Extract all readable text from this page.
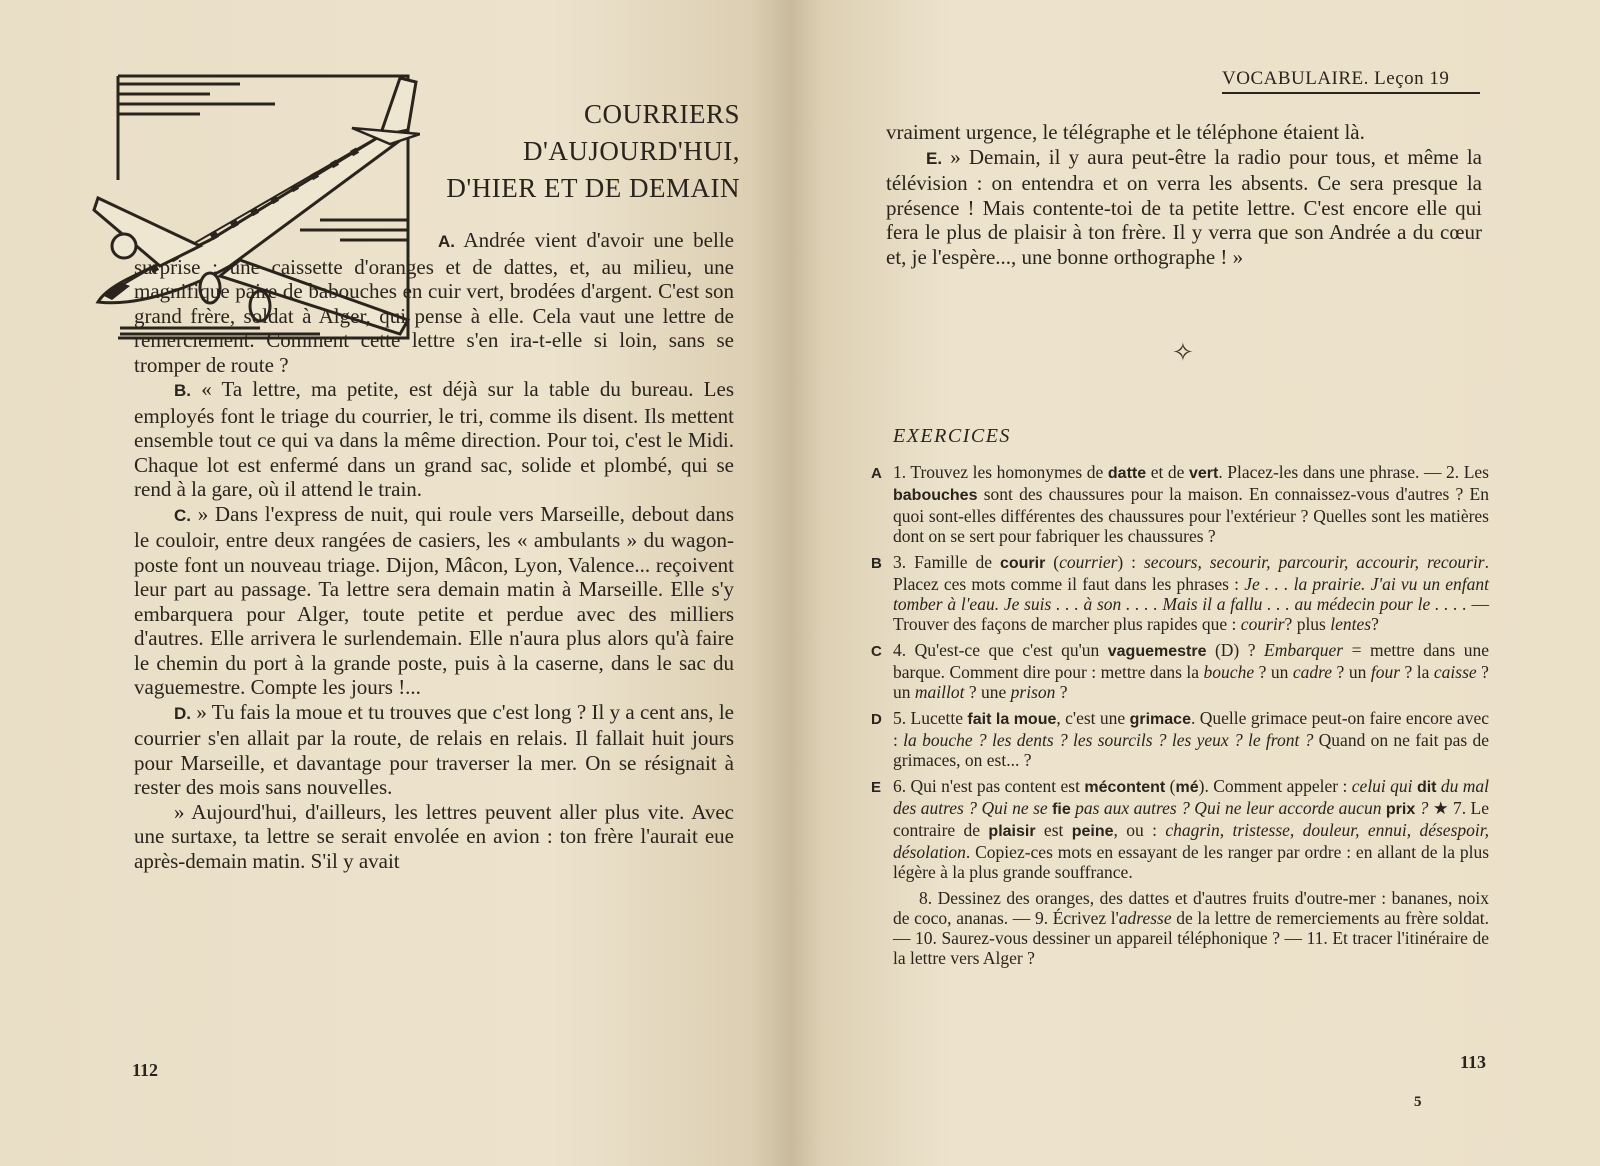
COURRIERS
D'AUJOURD'HUI,
D'HIER ET DE DEMAIN

A. Andrée vient d'avoir une belle surprise : une caissette d'oranges et de dattes, et, au milieu, une magnifique paire de babouches en cuir vert, brodées d'argent. C'est son grand frère, soldat à Alger, qui pense à elle. Cela vaut une lettre de remerciement. Comment cette lettre s'en ira-t-elle si loin, sans se tromper de route ?

B. « Ta lettre, ma petite, est déjà sur la table du bureau. Les employés font le triage du courrier, le tri, comme ils disent. Ils mettent ensemble tout ce qui va dans la même direction. Pour toi, c'est le Midi. Chaque lot est enfermé dans un grand sac, solide et plombé, qui se rend à la gare, où il attend le train.

C. » Dans l'express de nuit, qui roule vers Marseille, debout dans le couloir, entre deux rangées de casiers, les « ambulants » du wagon-poste font un nouveau triage. Dijon, Mâcon, Lyon, Valence... reçoivent leur part au passage. Ta lettre sera demain matin à Marseille. Elle s'y embarquera pour Alger, toute petite et perdue avec des milliers d'autres. Elle arrivera le surlendemain. Elle n'aura plus alors qu'à faire le chemin du port à la grande poste, puis à la caserne, dans le sac du vaguemestre. Compte les jours !...

D. » Tu fais la moue et tu trouves que c'est long ? Il y a cent ans, le courrier s'en allait par la route, de relais en relais. Il fallait huit jours pour Marseille, et davantage pour traverser la mer. On se résignait à rester des mois sans nouvelles.

» Aujourd'hui, d'ailleurs, les lettres peuvent aller plus vite. Avec une surtaxe, ta lettre se serait envolée en avion : ton frère l'aurait eue après-demain matin. S'il y avait

112
VOCABULAIRE. Leçon 19

vraiment urgence, le télégraphe et le téléphone étaient là.

E. » Demain, il y aura peut-être la radio pour tous, et même la télévision : on entendra et on verra les absents. Ce sera presque la présence ! Mais contente-toi de ta petite lettre. C'est encore elle qui fera le plus de plaisir à ton frère. Il y verra que son Andrée a du cœur et, je l'espère..., une bonne orthographe ! »

✧
EXERCICES

A 1. Trouvez les homonymes de datte et de vert. Placez-les dans une phrase. — 2. Les babouches sont des chaussures pour la maison. En connaissez-vous d'autres ? En quoi sont-elles différentes des chaussures pour l'extérieur ? Quelles sont les matières dont on se sert pour fabriquer les chaussures ?

B 3. Famille de courir (courrier) : secours, secourir, parcourir, accourir, recourir. Placez ces mots comme il faut dans les phrases : Je . . . la prairie. J'ai vu un enfant tomber à l'eau. Je suis . . . à son . . . . Mais il a fallu . . . au médecin pour le . . . . — Trouver des façons de marcher plus rapides que : courir? plus lentes?

C 4. Qu'est-ce que c'est qu'un vaguemestre (D) ? Embarquer = mettre dans une barque. Comment dire pour : mettre dans la bouche ? un cadre ? un four ? la caisse ? un maillot ? une prison ?

D 5. Lucette fait la moue, c'est une grimace. Quelle grimace peut-on faire encore avec : la bouche ? les dents ? les sourcils ? les yeux ? le front ? Quand on ne fait pas de grimaces, on est... ?

E 6. Qui n'est pas content est mécontent (mé). Comment appeler : celui qui dit du mal des autres ? Qui ne se fie pas aux autres ? Qui ne leur accorde aucun prix ? ★ 7. Le contraire de plaisir est peine, ou : chagrin, tristesse, douleur, ennui, désespoir, désolation. Copiez-ces mots en essayant de les ranger par ordre : en allant de la plus légère à la plus grande souffrance.

8. Dessinez des oranges, des dattes et d'autres fruits d'outre-mer : bananes, noix de coco, ananas. — 9. Écrivez l'adresse de la lettre de remerciements au frère soldat. — 10. Saurez-vous dessiner un appareil téléphonique ? — 11. Et tracer l'itinéraire de la lettre vers Alger ?

113
5
